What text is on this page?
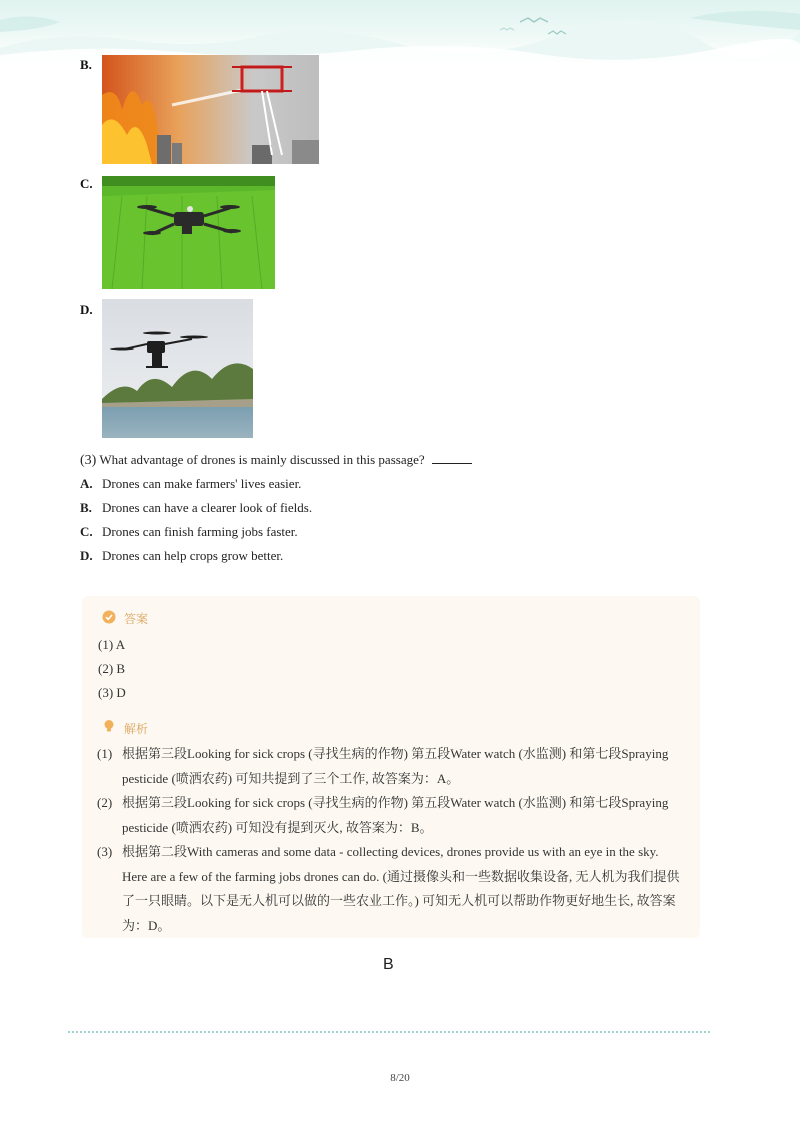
B.
C.
D.
(3) What advantage of drones is mainly discussed in this passage?
A. Drones can make farmers' lives easier.
B. Drones can have a clearer look of fields.
C. Drones can finish farming jobs faster.
D. Drones can help crops grow better.
答案
(1) A
(2) B
(3) D
解析
(1) 根据第三段Looking for sick crops (寻找生病的作物) 第五段Water watch (水监测) 和第七段Spraying pesticide (喷洒农药) 可知共提到了三个工作, 故答案为：A。
(2) 根据第三段Looking for sick crops (寻找生病的作物) 第五段Water watch (水监测) 和第七段Spraying pesticide (喷洒农药) 可知没有提到灭火, 故答案为：B。
(3) 根据第二段With cameras and some data - collecting devices, drones provide us with an eye in the sky. Here are a few of the farming jobs drones can do. (通过摄像头和一些数据收集设备, 无人机为我们提供了一只眼睛。以下是无人机可以做的一些农业工作。) 可知无人机可以帮助作物更好地生长, 故答案为：D。
B
8/20
